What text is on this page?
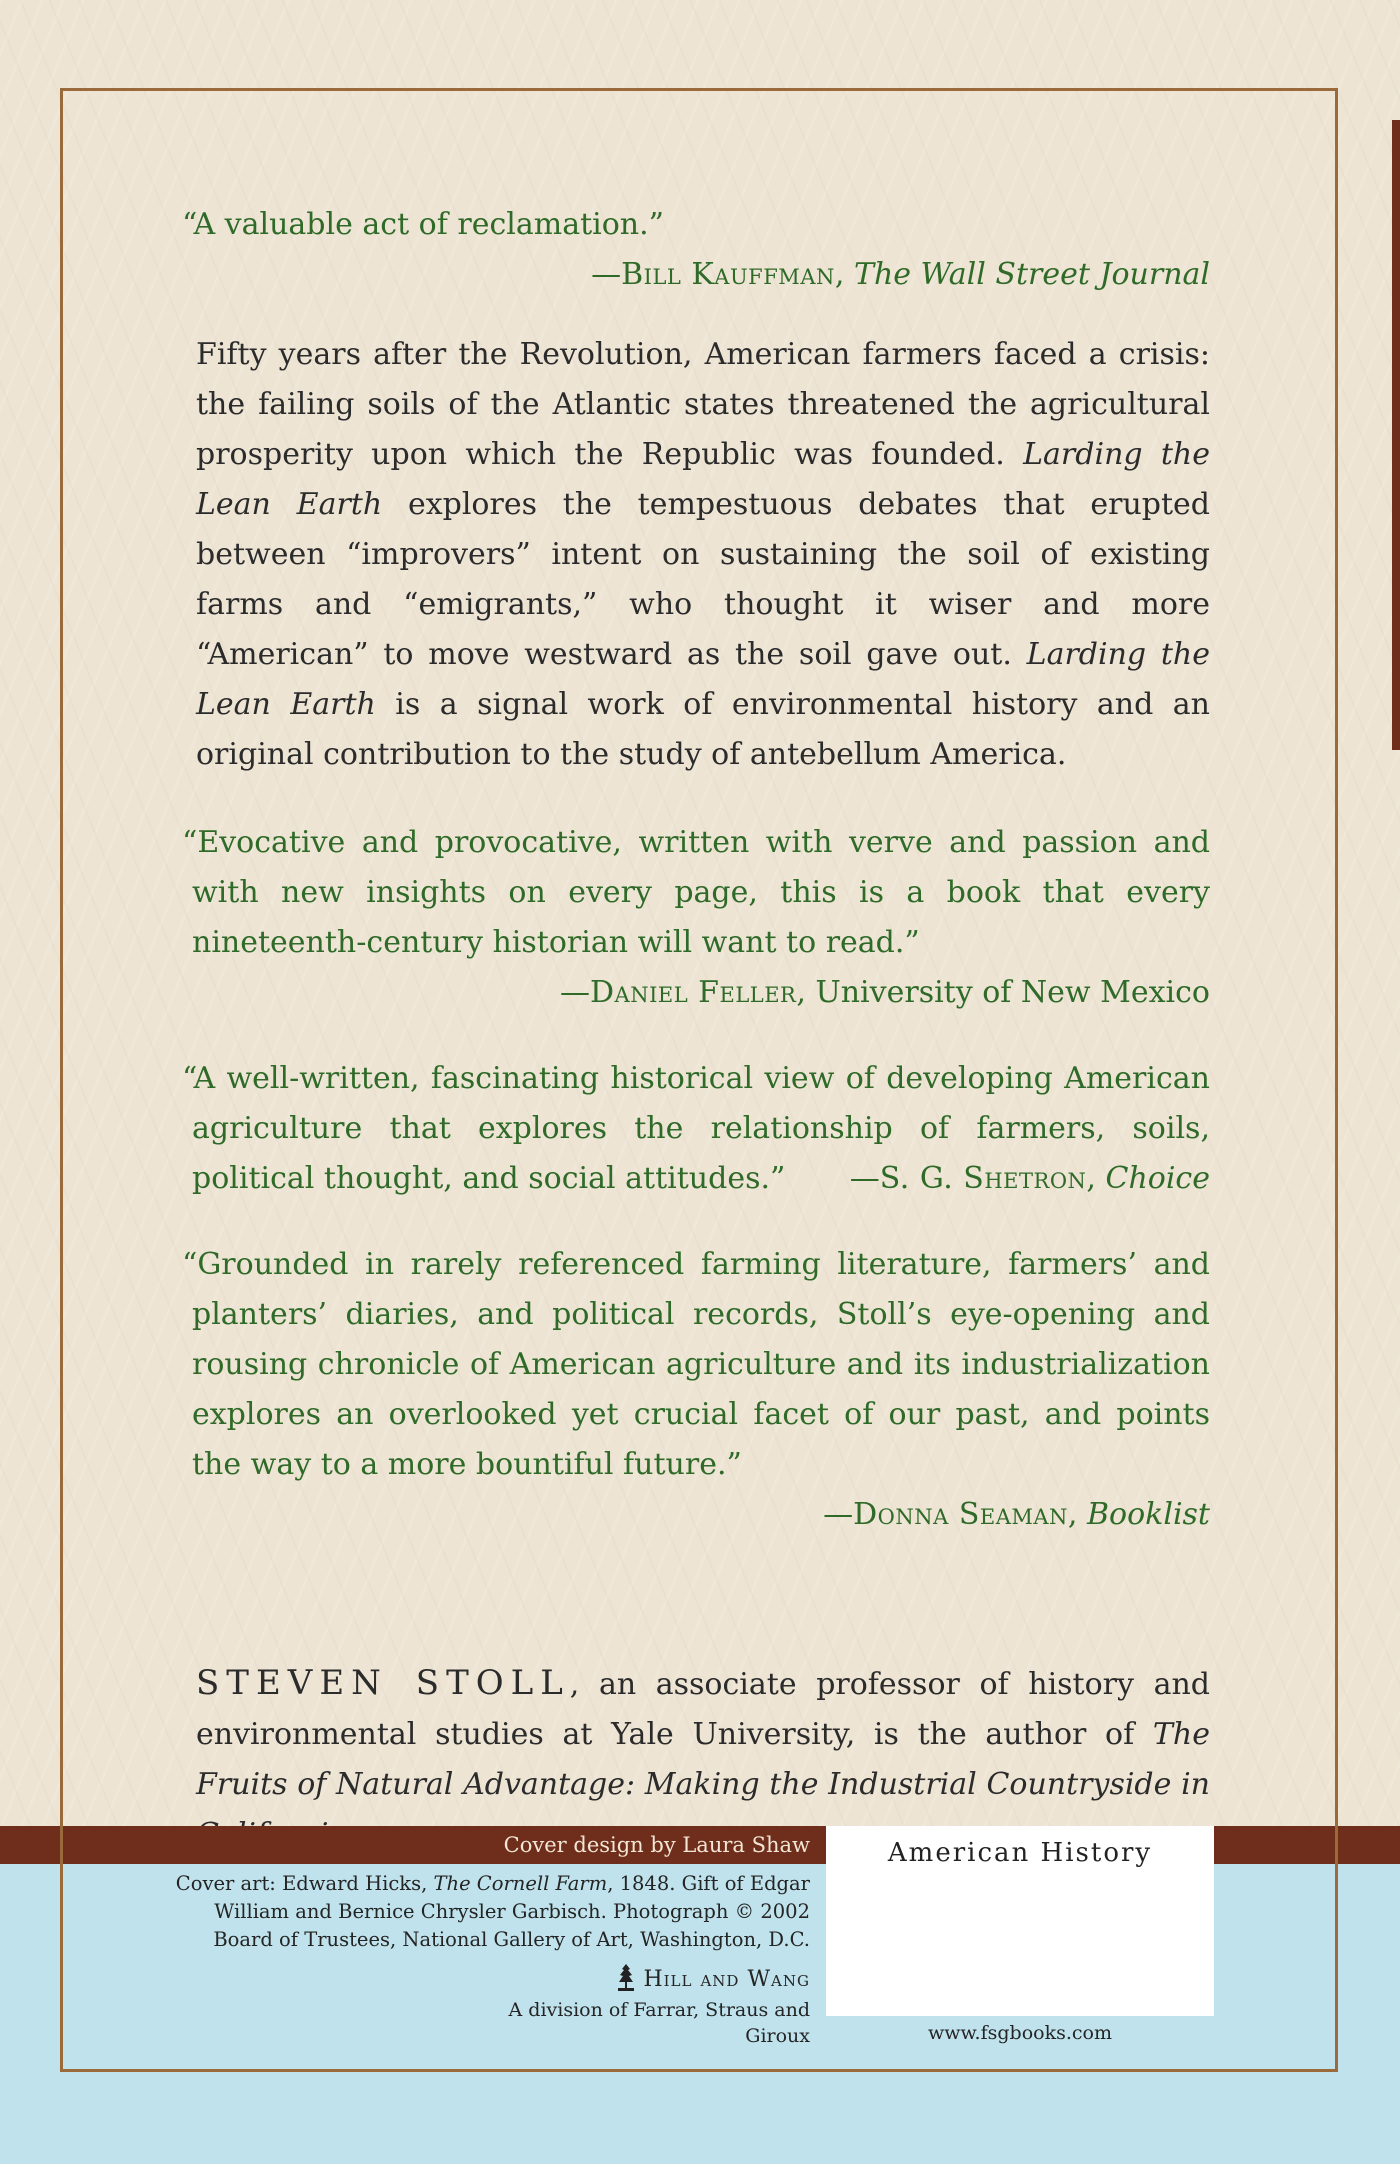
“A valuable act of reclamation.”

—Bill Kauffman, The Wall Street Journal

Fifty years after the Revolution, American farmers faced a crisis: the failing soils of the Atlantic states threatened the agricultural prosperity upon which the Republic was founded. Larding the Lean Earth explores the tempestuous debates that erupted between “improvers” intent on sustaining the soil of existing farms and “emigrants,” who thought it wiser and more “American” to move westward as the soil gave out. Larding the Lean Earth is a signal work of environmental history and an original contribution to the study of antebellum America.

“Evocative and provocative, written with verve and passion and with new insights on every page, this is a book that every nineteenth-century historian will want to read.”

—Daniel Feller, University of New Mexico

“A well-written, fascinating historical view of developing American agriculture that explores the relationship of farmers, soils, political thought, and social attitudes.” —S. G. Shetron, Choice

“Grounded in rarely referenced farming literature, farmers’ and planters’ diaries, and political records, Stoll’s eye-opening and rousing chronicle of American agriculture and its industrialization explores an overlooked yet crucial facet of our past, and points the way to a more bountiful future.”

—Donna Seaman, Booklist

STEVEN STOLL, an associate professor of history and environmental studies at Yale University, is the author of The Fruits of Natural Advantage: Making the Industrial Countryside in

Cover design by Laura Shaw	American History
Cover art: Edward Hicks, The Cornell Farm, 1848. Gift of Edgar William and Bernice Chrysler Garbisch. Photograph © 2002 Board of Trustees, National Gallery of Art, Washington, D.C.
Hill and Wang
A division of Farrar, Straus and Giroux	www.fsgbooks.com
